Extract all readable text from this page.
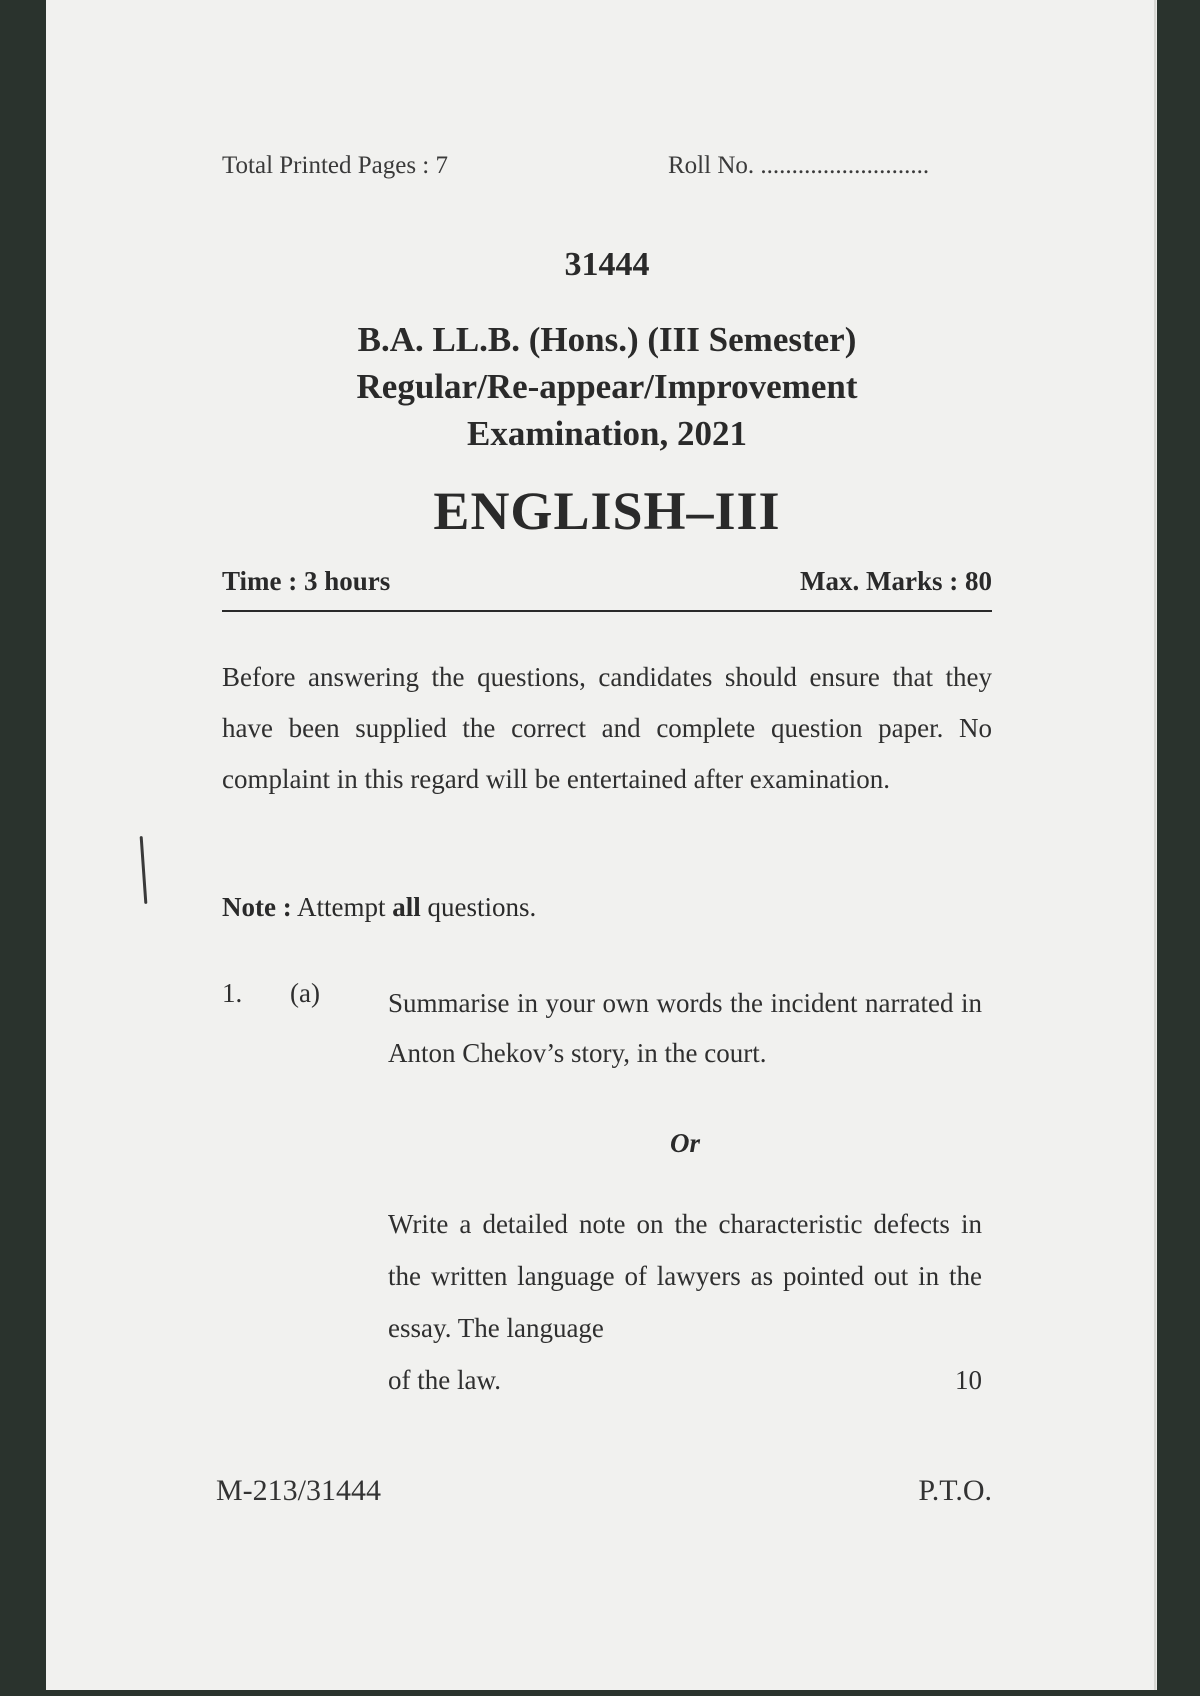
Total Printed Pages : 7	Roll No. ...........................
31444
B.A. LL.B. (Hons.) (III Semester)
Regular/Re-appear/Improvement
Examination, 2021
ENGLISH–III
Time : 3 hours	Max. Marks : 80
Before answering the questions, candidates should ensure that they have been supplied the correct and complete question paper. No complaint in this regard will be entertained after examination.
Note : Attempt all questions.
1. (a)	Summarise in your own words the incident narrated in Anton Chekov’s story, in the court.
Or
Write a detailed note on the characteristic defects in the written language of lawyers as pointed out in the essay. The language
of the law.	10
M-213/31444	P.T.O.
